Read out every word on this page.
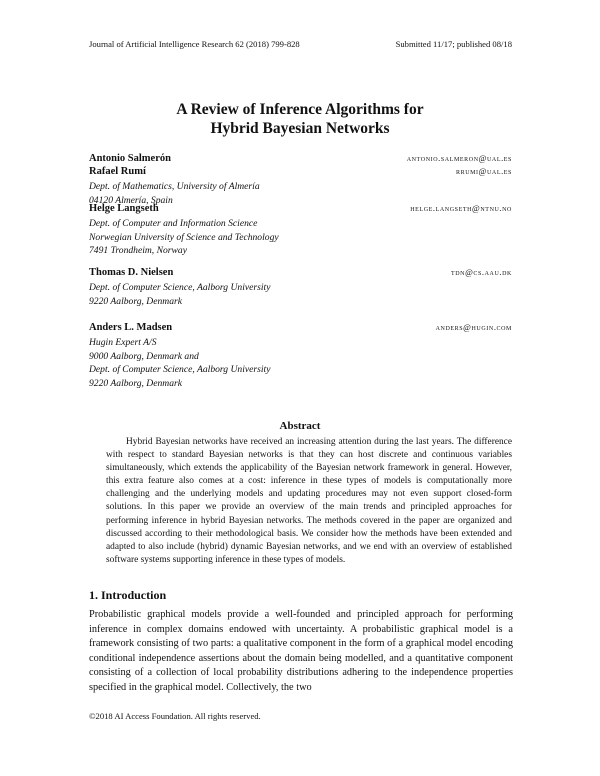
Journal of Artificial Intelligence Research 62 (2018) 799-828	Submitted 11/17; published 08/18
A Review of Inference Algorithms for
Hybrid Bayesian Networks
Antonio Salmerón	antonio.salmeron@ual.es
Rafael Rumí	rrumi@ual.es
Dept. of Mathematics, University of Almería
04120 Almería, Spain
Helge Langseth	helge.langseth@ntnu.no
Dept. of Computer and Information Science
Norwegian University of Science and Technology
7491 Trondheim, Norway
Thomas D. Nielsen	tdn@cs.aau.dk
Dept. of Computer Science, Aalborg University
9220 Aalborg, Denmark
Anders L. Madsen	anders@hugin.com
Hugin Expert A/S
9000 Aalborg, Denmark and
Dept. of Computer Science, Aalborg University
9220 Aalborg, Denmark
Abstract

Hybrid Bayesian networks have received an increasing attention during the last years. The difference with respect to standard Bayesian networks is that they can host discrete and continuous variables simultaneously, which extends the applicability of the Bayesian network framework in general. However, this extra feature also comes at a cost: inference in these types of models is computationally more challenging and the underlying models and updating procedures may not even support closed-form solutions. In this paper we provide an overview of the main trends and principled approaches for performing inference in hybrid Bayesian networks. The methods covered in the paper are organized and discussed according to their methodological basis. We consider how the methods have been extended and adapted to also include (hybrid) dynamic Bayesian networks, and we end with an overview of established software systems supporting inference in these types of models.

1. Introduction

Probabilistic graphical models provide a well-founded and principled approach for performing inference in complex domains endowed with uncertainty. A probabilistic graphical model is a framework consisting of two parts: a qualitative component in the form of a graphical model encoding conditional independence assertions about the domain being modelled, and a quantitative component consisting of a collection of local probability distributions adhering to the independence properties specified in the graphical model. Collectively, the two

©2018 AI Access Foundation. All rights reserved.
